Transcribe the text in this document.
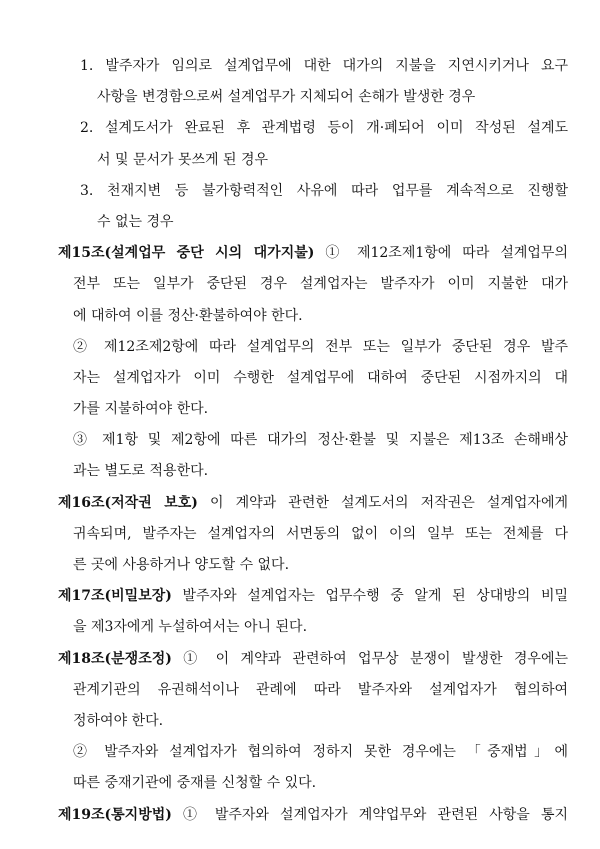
1. 발주자가 임의로 설계업무에 대한 대가의 지불을 지연시키거나 요구
사항을 변경함으로써 설계업무가 지체되어 손해가 발생한 경우
2. 설계도서가 완료된 후 관계법령 등이 개·폐되어 이미 작성된 설계도
서 및 문서가 못쓰게 된 경우
3. 천재지변 등 불가항력적인 사유에 따라 업무를 계속적으로 진행할
수 없는 경우
제15조(설계업무 중단 시의 대가지불) ① 제12조제1항에 따라 설계업무의
전부 또는 일부가 중단된 경우 설계업자는 발주자가 이미 지불한 대가
에 대하여 이를 정산·환불하여야 한다.
② 제12조제2항에 따라 설계업무의 전부 또는 일부가 중단된 경우 발주
자는 설계업자가 이미 수행한 설계업무에 대하여 중단된 시점까지의 대
가를 지불하여야 한다.
③ 제1항 및 제2항에 따른 대가의 정산·환불 및 지불은 제13조 손해배상
과는 별도로 적용한다.
제16조(저작권 보호) 이 계약과 관련한 설계도서의 저작권은 설계업자에게
귀속되며, 발주자는 설계업자의 서면동의 없이 이의 일부 또는 전체를 다
른 곳에 사용하거나 양도할 수 없다.
제17조(비밀보장) 발주자와 설계업자는 업무수행 중 알게 된 상대방의 비밀
을 제3자에게 누설하여서는 아니 된다.
제18조(분쟁조정) ① 이 계약과 관련하여 업무상 분쟁이 발생한 경우에는
관계기관의 유권해석이나 관례에 따라 발주자와 설계업자가 협의하여
정하여야 한다.
② 발주자와 설계업자가 협의하여 정하지 못한 경우에는 「중재법」에
따른 중재기관에 중재를 신청할 수 있다.
제19조(통지방법) ① 발주자와 설계업자가 계약업무와 관련된 사항을 통지
